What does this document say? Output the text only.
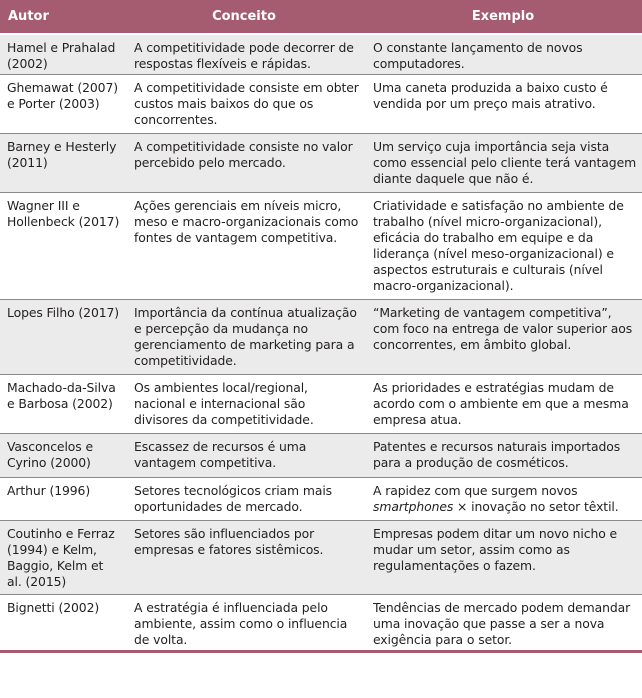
Autor	Conceito	Exemplo
Hamel e Prahalad (2002)	A competitividade pode decorrer de respostas flexíveis e rápidas.	O constante lançamento de novos computadores.
Ghemawat (2007) e Porter (2003)	A competitividade consiste em obter custos mais baixos do que os concorrentes.	Uma caneta produzida a baixo custo é vendida por um preço mais atrativo.
Barney e Hesterly (2011)	A competitividade consiste no valor percebido pelo mercado.	Um serviço cuja importância seja vista como essencial pelo cliente terá vantagem diante daquele que não é.
Wagner III e Hollenbeck (2017)	Ações gerenciais em níveis micro, meso e macro-organizacionais como fontes de vantagem competitiva.	Criatividade e satisfação no ambiente de trabalho (nível micro-organizacional), eficácia do trabalho em equipe e da liderança (nível meso-organizacional) e aspectos estruturais e culturais (nível macro-organizacional).
Lopes Filho (2017)	Importância da contínua atualização e percepção da mudança no gerenciamento de marketing para a competitividade.	“Marketing de vantagem competitiva”, com foco na entrega de valor superior aos concorrentes, em âmbito global.
Machado-da-Silva e Barbosa (2002)	Os ambientes local/regional, nacional e internacional são divisores da competitividade.	As prioridades e estratégias mudam de acordo com o ambiente em que a mesma empresa atua.
Vasconcelos e Cyrino (2000)	Escassez de recursos é uma vantagem competitiva.	Patentes e recursos naturais importados para a produção de cosméticos.
Arthur (1996)	Setores tecnológicos criam mais oportunidades de mercado.	A rapidez com que surgem novos smartphones × inovação no setor têxtil.
Coutinho e Ferraz (1994) e Kelm, Baggio, Kelm et al. (2015)	Setores são influenciados por empresas e fatores sistêmicos.	Empresas podem ditar um novo nicho e mudar um setor, assim como as regulamentações o fazem.
Bignetti (2002)	A estratégia é influenciada pelo ambiente, assim como o influencia de volta.	Tendências de mercado podem demandar uma inovação que passe a ser a nova exigência para o setor.
